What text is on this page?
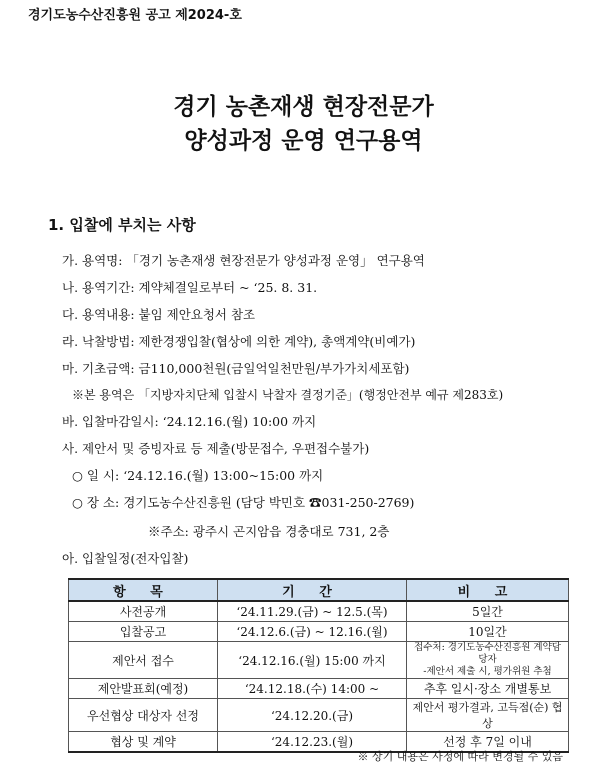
경기도농수산진흥원 공고 제2024-호
경기 농촌재생 현장전문가
양성과정 운영 연구용역
1. 입찰에 부치는 사항
가. 용역명: 「경기 농촌재생 현장전문가 양성과정 운영」 연구용역
나. 용역기간: 계약체결일로부터 ~ ‘25. 8. 31.
다. 용역내용: 붙임 제안요청서 참조
라. 낙찰방법: 제한경쟁입찰(협상에 의한 계약), 총액계약(비예가)
마. 기초금액: 금110,000천원(금일억일천만원/부가가치세포함)
※본 용역은 「지방자치단체 입찰시 낙찰자 결정기준」(행정안전부 예규 제283호)
바. 입찰마감일시: ‘24.12.16.(월) 10:00 까지
사. 제안서 및 증빙자료 등 제출(방문접수, 우편접수불가)
○ 일 시: ‘24.12.16.(월) 13:00~15:00 까지
○ 장 소: 경기도농수산진흥원 (담당 박민호 ☎031-250-2769)
※주소: 광주시 곤지암읍 경충대로 731, 2층
아. 입찰일정(전자입찰)
항 목	기 간	비 고
사전공개	‘24.11.29.(금) ~ 12.5.(목)	5일간
입찰공고	‘24.12.6.(금) ~ 12.16.(월)	10일간
제안서 접수	‘24.12.16.(월) 15:00 까지	접수처: 경기도농수산진흥원 계약담당자
-제안서 제출 시, 평가위원 추첨
제안발표회(예정)	‘24.12.18.(수) 14:00 ~	추후 일시·장소 개별통보
우선협상 대상자 선정	‘24.12.20.(금)	제안서 평가결과, 고득점(순) 협상
협상 및 계약	‘24.12.23.(월)	선정 후 7일 이내
※ 상기 내용은 사정에 따라 변경될 수 있음
